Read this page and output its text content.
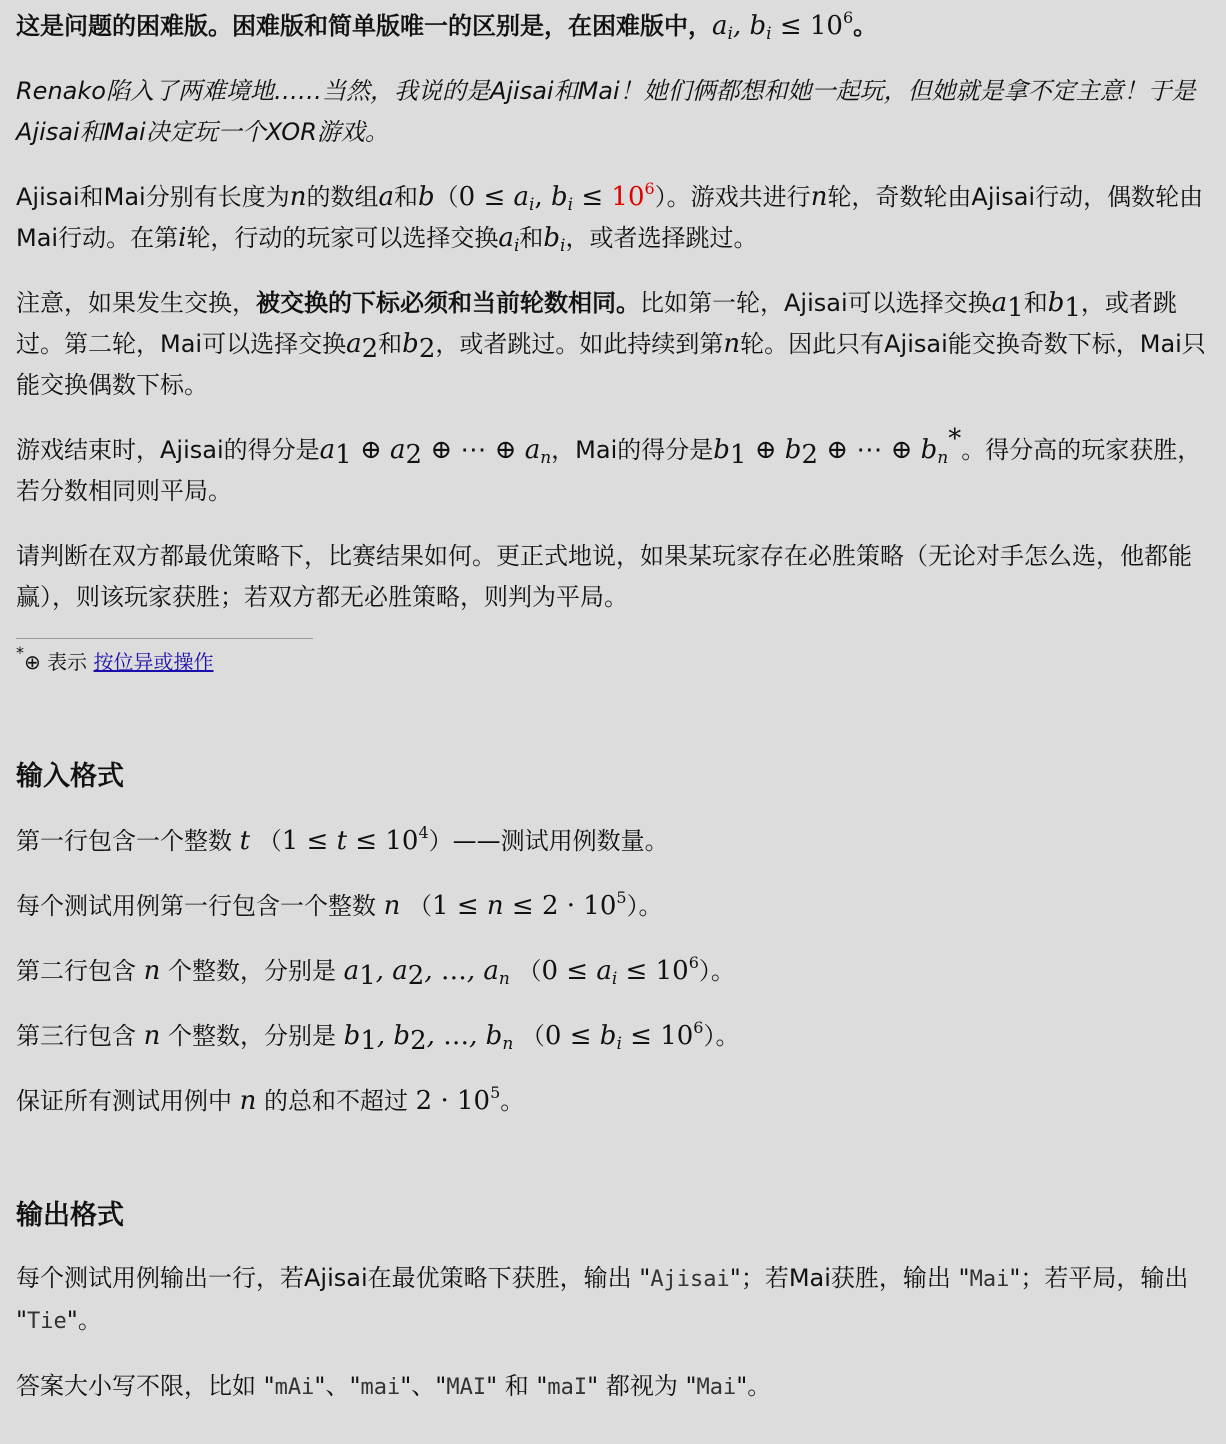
这是问题的困难版。困难版和简单版唯一的区别是，在困难版中，$a_i$, $b_i \le 10^6$。

Renako陷入了两难境地……当然，我说的是Ajisai和Mai！她们俩都想和她一起玩，但她就是拿不定主意！于是Ajisai和Mai决定玩一个XOR游戏。

Ajisai和Mai分别有长度为n的数组a和$b(0 \le a_i$, $b_i \le 10^6$）。游戏共进行n轮，奇数轮由Ajisai行动，偶数轮由Mai行动。在第i轮，行动的玩家可以选择交换$a_i$和$b_i$，或者选择跳过。

注意，如果发生交换，被交换的下标必须和当前轮数相同。比如第一轮，Ajisai可以选择交换$a_1$和$b_1$，或者跳过。第二轮，Mai可以选择交换$a_2$和$b_2$，或者跳过。如此持续到第n轮。因此只有Ajisai能交换奇数下标，Mai只能交换偶数下标。

游戏结束时，Ajisai的得分是$a_1$ ⊕ $a_2$ ⊕ ⋯ ⊕ $a_n$，Mai的得分是$b_1$ ⊕ $b_2$ ⊕ ⋯ ⊕ $b_n^*$。得分高的玩家获胜，若分数相同则平局。

请判断在双方都最优策略下，比赛结果如何。更正式地说，如果某玩家存在必胜策略（无论对手怎么选，他都能赢），则该玩家获胜；若双方都无必胜策略，则判为平局。

*⊕ 表示 按位异或操作

输入格式

第一行包含一个整数 t $(1 \le t \le 10^4)——$测试用例数量。

每个测试用例第一行包含一个整数 n $(1 \le n \le 2 \cdot 10^5)$。

第二行包含 n 个整数，分别是 $a_1$, $a_2$, …, $a_n$ $(0 \le a_i \le 10^6)$。

第三行包含 n 个整数，分别是 $b_1$, $b_2$, …, $b_n$ $(0 \le b_i \le 10^6)$。

保证所有测试用例中 n 的总和不超过 $2 \cdot 10^5$。

输出格式

每个测试用例输出一行，若Ajisai在最优策略下获胜，输出 "Ajisai"；若Mai获胜，输出 "Mai"；若平局，输出 "Tie"。

答案大小写不限，比如 "mAi"、"mai"、"MAI" 和 "maI" 都视为 "Mai"。
